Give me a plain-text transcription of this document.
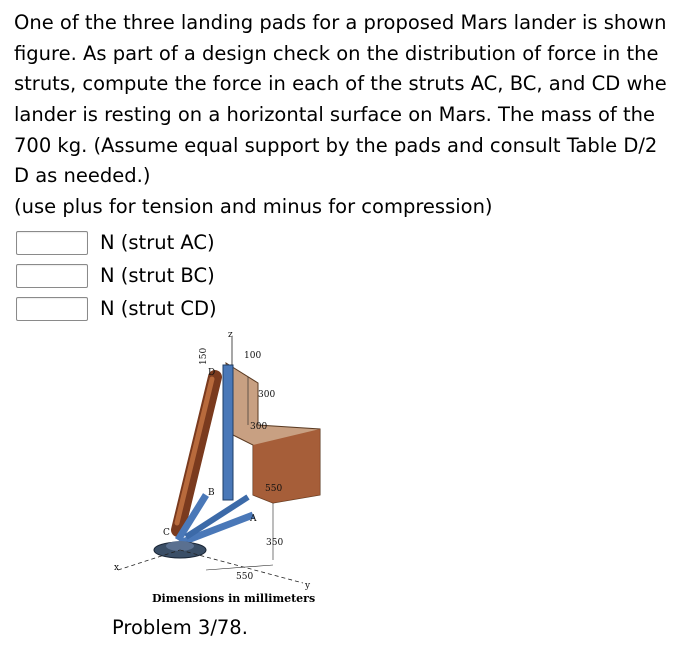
One of the three landing pads for a proposed Mars lander is shown
figure. As part of a design check on the distribution of force in the
struts, compute the force in each of the struts AC, BC, and CD whe
lander is resting on a horizontal surface on Mars. The mass of the
700 kg. (Assume equal support by the pads and consult Table D/2
D as needed.)
(use plus for tension and minus for compression)
N (strut AC)
N (strut BC)
N (strut CD)
z
x
y
D
B
A
C
100
300
300
550
350
550
150
Dimensions in millimeters
Problem 3/78.
